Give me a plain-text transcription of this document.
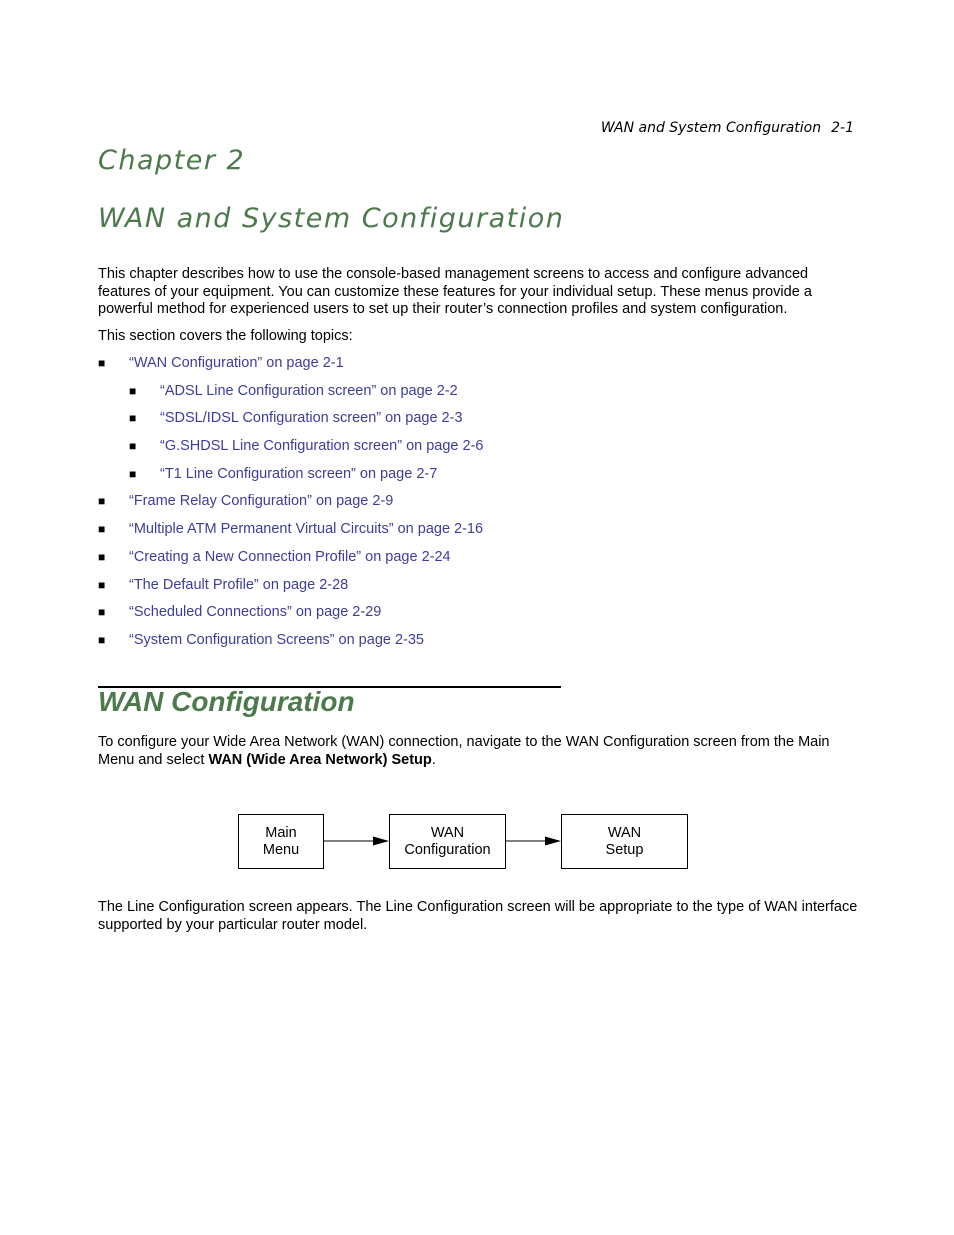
WAN and System Configuration 2-1
Chapter 2
WAN and System Configuration

This chapter describes how to use the console-based management screens to access and configure advanced features of your equipment. You can customize these features for your individual setup. These menus provide a powerful method for experienced users to set up their router’s connection profiles and system configuration.

This section covers the following topics:

■ “WAN Configuration” on page 2-1
■ “ADSL Line Configuration screen” on page 2-2
■ “SDSL/IDSL Configuration screen” on page 2-3
■ “G.SHDSL Line Configuration screen” on page 2-6
■ “T1 Line Configuration screen” on page 2-7
■ “Frame Relay Configuration” on page 2-9
■ “Multiple ATM Permanent Virtual Circuits” on page 2-16
■ “Creating a New Connection Profile” on page 2-24
■ “The Default Profile” on page 2-28
■ “Scheduled Connections” on page 2-29
■ “System Configuration Screens” on page 2-35
WAN Configuration

To configure your Wide Area Network (WAN) connection, navigate to the WAN Configuration screen from the Main Menu and select WAN (Wide Area Network) Setup.

Main
Menu
WAN
Configuration
WAN
Setup

The Line Configuration screen appears. The Line Configuration screen will be appropriate to the type of WAN interface supported by your particular router model.
